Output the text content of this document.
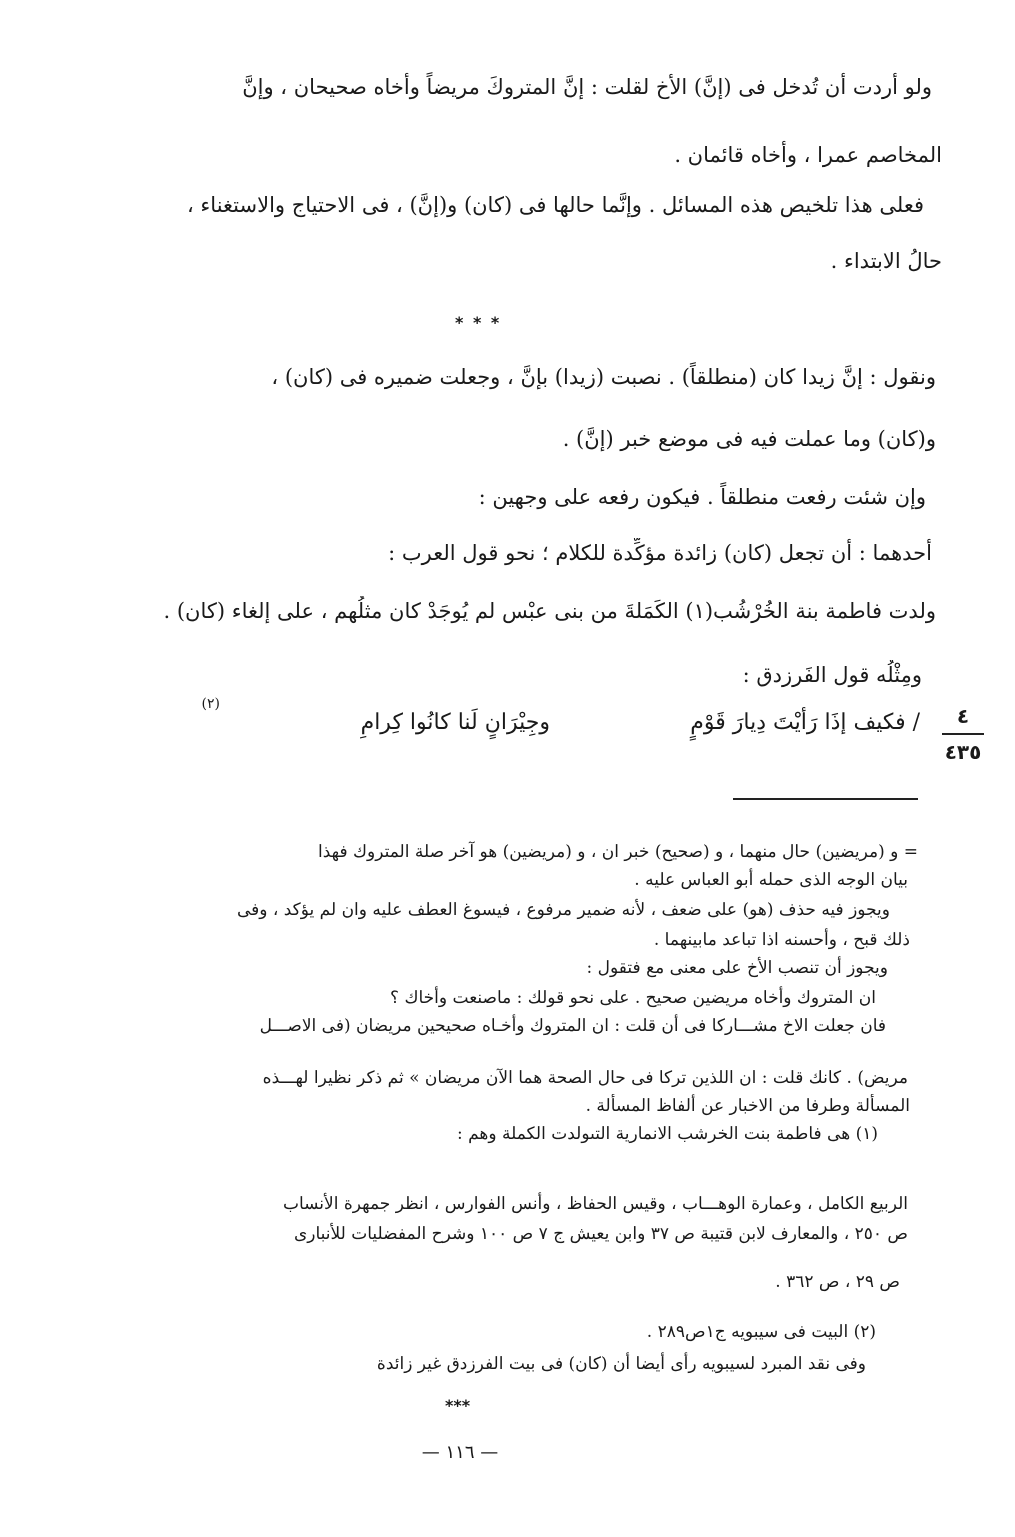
ولو أردت أن تُدخل فى (إنَّ) الأخ لقلت : إنَّ المتروكَ مريضاً وأخاه صحيحان ، وإنَّ
المخاصم عمرا ، وأخاه قائمان .
فعلى هذا تلخيص هذه المسائل . وإنَّما حالها فى (كان) و(إنَّ) ، فى الاحتياج والاستغناء ،
حالُ الابتداء .
* * *
ونقول : إنَّ زيدا كان (منطلقاً) . نصبت (زيدا) بإنَّ ، وجعلت ضميره فى (كان) ،
و(كان) وما عملت فيه فى موضع خبر (إنَّ) .
وإن شئت رفعت منطلقاً . فيكون رفعه على وجهين :
أحدهما : أن تجعل (كان) زائدة مؤكِّدة للكلام ؛ نحو قول العرب :
ولدت فاطمة بنة الخُرْشُب(١) الكَمَلةَ من بنى عبْس لم يُوجَدْ كان مثلُهم ، على إلغاء (كان) .
ومِثْلُه قول الفَرزدق :
/ فكيف إذَا رَأيْتَ دِيارَ قَوْمٍ
وجِيْرَانٍ لَنا كانُوا كِرامِ
(٢)	٤
٤٣٥
= و (مريضين) حال منهما ، و (صحيح) خبر ان ، و (مريضين) هو آخر صلة المتروك فهذا
بيان الوجه الذى حمله أبو العباس عليه .
ويجوز فيه حذف (هو) على ضعف ، لأنه ضمير مرفوع ، فيسوغ العطف عليه وان لم يؤكد ، وفى
ذلك قبح ، وأحسنه اذا تباعد مابينهما .
ويجوز أن تنصب الأخ على معنى مع فتقول :
ان المتروك وأخاه مريضين صحيح . على نحو قولك : ماصنعت وأخاك ؟
فان جعلت الاخ مشـــاركا فى أن قلت : ان المتروك وأخـاه صحيحين مريضان (فى الاصـــل
مريض) . كانك قلت : ان اللذين تركا فى حال الصحة هما الآن مريضان » ثم ذكر نظيرا لهـــذه
المسألة وطرفا من الاخبار عن ألفاظ المسألة .
(١) هى فاطمة بنت الخرشب الانمارية التىولدت الكملة وهم :
الربيع الكامل ، وعمارة الوهـــاب ، وقيس الحفاظ ، وأنس الفوارس ، انظر جمهرة الأنساب
ص ٢٥٠ ، والمعارف لابن قتيبة ص ٣٧ وابن يعيش ج ٧ ص ١٠٠ وشرح المفضليات للأنبارى
ص ٢٩ ، ص ٣٦٢ .
(٢) البيت فى سيبويه ج١ص٢٨٩ .
وفى نقد المبرد لسيبويه رأى أيضا أن (كان) فى بيت الفرزدق غير زائدة
***
— ١١٦ —
